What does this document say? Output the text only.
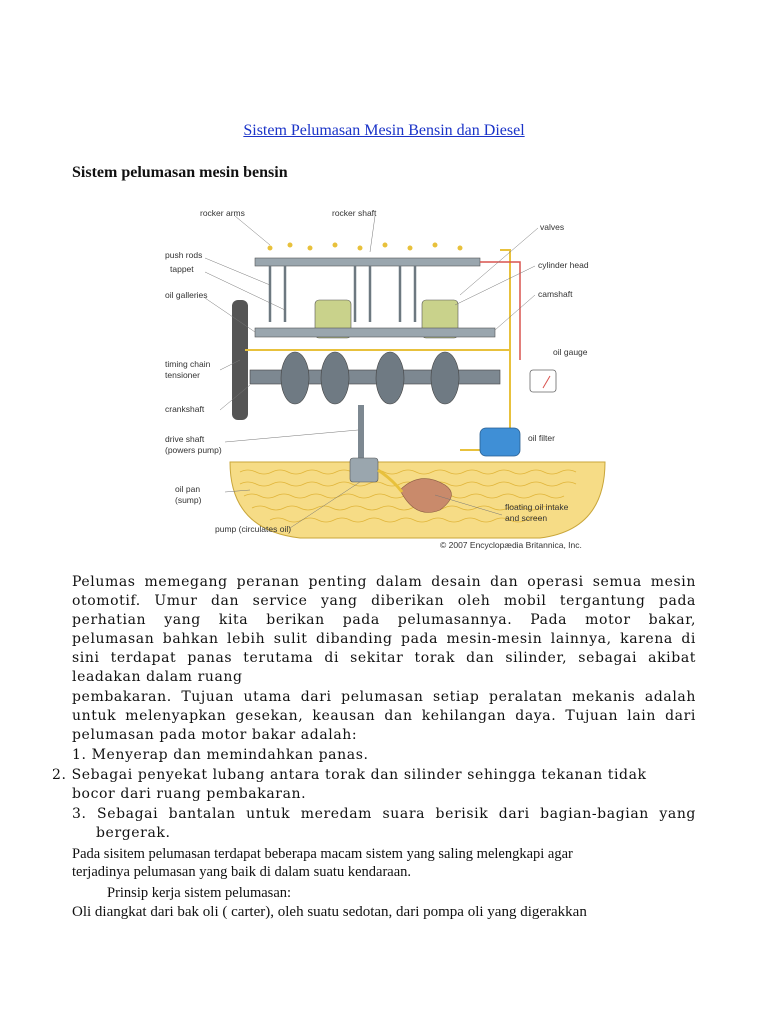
Sistem Pelumasan Mesin Bensin dan Diesel
Sistem pelumasan mesin bensin
rocker arms	rocker shaft
valves
push rods
tappet	cylinder head
oil galleries	camshaft
oil gauge
timing chain
tensioner
crankshaft
oil filter
drive shaft
(powers pump)
oil pan
(sump)
floating oil intake
and screen
pump (circulates oil)
© 2007 Encyclopædia Britannica, Inc.
Pelumas memegang peranan penting dalam desain dan operasi semua mesin
otomotif. Umur dan service yang diberikan oleh mobil tergantung pada
perhatian yang kita berikan pada pelumasannya. Pada motor bakar,
pelumasan bahkan lebih sulit dibanding pada mesin-mesin lainnya, karena di
sini terdapat panas terutama di sekitar torak dan silinder, sebagai akibat
leadakan dalam ruang
pembakaran. Tujuan utama dari pelumasan setiap peralatan mekanis adalah
untuk melenyapkan gesekan, keausan dan kehilangan daya. Tujuan lain dari
pelumasan pada motor bakar adalah:
1. Menyerap dan memindahkan panas.
2. Sebagai penyekat lubang antara torak dan silinder sehingga tekanan tidak
bocor dari ruang pembakaran.
3. Sebagai bantalan untuk meredam suara berisik dari bagian-bagian yang
bergerak.
Pada sisitem pelumasan terdapat beberapa macam sistem yang saling melengkapi agar
terjadinya pelumasan yang baik di dalam suatu kendaraan.
Prinsip kerja sistem pelumasan:
Oli diangkat dari bak oli ( carter), oleh suatu sedotan, dari pompa oli yang digerakkan
